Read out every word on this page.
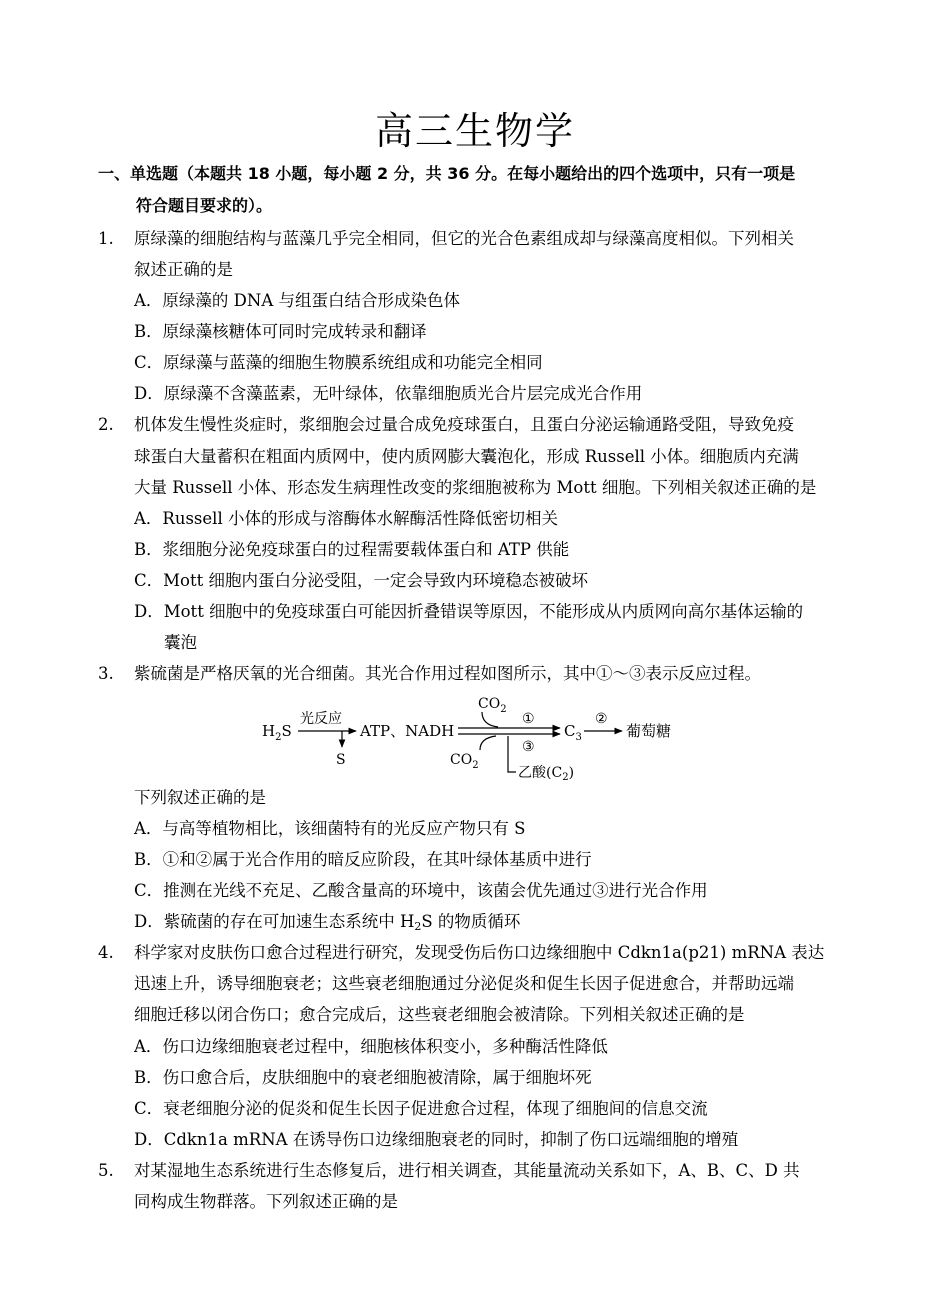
高三生物学
一、单选题（本题共 18 小题，每小题 2 分，共 36 分。在每小题给出的四个选项中，只有一项是
符合题目要求的）。
1. 原绿藻的细胞结构与蓝藻几乎完全相同，但它的光合色素组成却与绿藻高度相似。下列相关
叙述正确的是
A．原绿藻的 DNA 与组蛋白结合形成染色体
B．原绿藻核糖体可同时完成转录和翻译
C．原绿藻与蓝藻的细胞生物膜系统组成和功能完全相同
D．原绿藻不含藻蓝素，无叶绿体，依靠细胞质光合片层完成光合作用
2. 机体发生慢性炎症时，浆细胞会过量合成免疫球蛋白，且蛋白分泌运输通路受阻，导致免疫
球蛋白大量蓄积在粗面内质网中，使内质网膨大囊泡化，形成 Russell 小体。细胞质内充满
大量 Russell 小体、形态发生病理性改变的浆细胞被称为 Mott 细胞。下列相关叙述正确的是
A．Russell 小体的形成与溶酶体水解酶活性降低密切相关
B．浆细胞分泌免疫球蛋白的过程需要载体蛋白和 ATP 供能
C．Mott 细胞内蛋白分泌受阻，一定会导致内环境稳态被破坏
D．Mott 细胞中的免疫球蛋白可能因折叠错误等原因，不能形成从内质网向高尔基体运输的
囊泡
3. 紫硫菌是严格厌氧的光合细菌。其光合作用过程如图所示，其中①～③表示反应过程。
$H_2S$
光反应
S
ATP、NADH
$CO_2$
①
③
$CO_2$	乙酸$(C_2)$
$C_3$
②
葡萄糖
下列叙述正确的是
A．与高等植物相比，该细菌特有的光反应产物只有 S
B．①和②属于光合作用的暗反应阶段，在其叶绿体基质中进行
C．推测在光线不充足、乙酸含量高的环境中，该菌会优先通过③进行光合作用
D．紫硫菌的存在可加速生态系统中 $H_2S$ 的物质循环
4. 科学家对皮肤伤口愈合过程进行研究，发现受伤后伤口边缘细胞中 Cdkn1a(p21) mRNA 表达
迅速上升，诱导细胞衰老；这些衰老细胞通过分泌促炎和促生长因子促进愈合，并帮助远端
细胞迁移以闭合伤口；愈合完成后，这些衰老细胞会被清除。下列相关叙述正确的是
A．伤口边缘细胞衰老过程中，细胞核体积变小，多种酶活性降低
B．伤口愈合后，皮肤细胞中的衰老细胞被清除，属于细胞坏死
C．衰老细胞分泌的促炎和促生长因子促进愈合过程，体现了细胞间的信息交流
D．Cdkn1a mRNA 在诱导伤口边缘细胞衰老的同时，抑制了伤口远端细胞的增殖
5. 对某湿地生态系统进行生态修复后，进行相关调查，其能量流动关系如下，A、B、C、D 共
同构成生物群落。下列叙述正确的是
